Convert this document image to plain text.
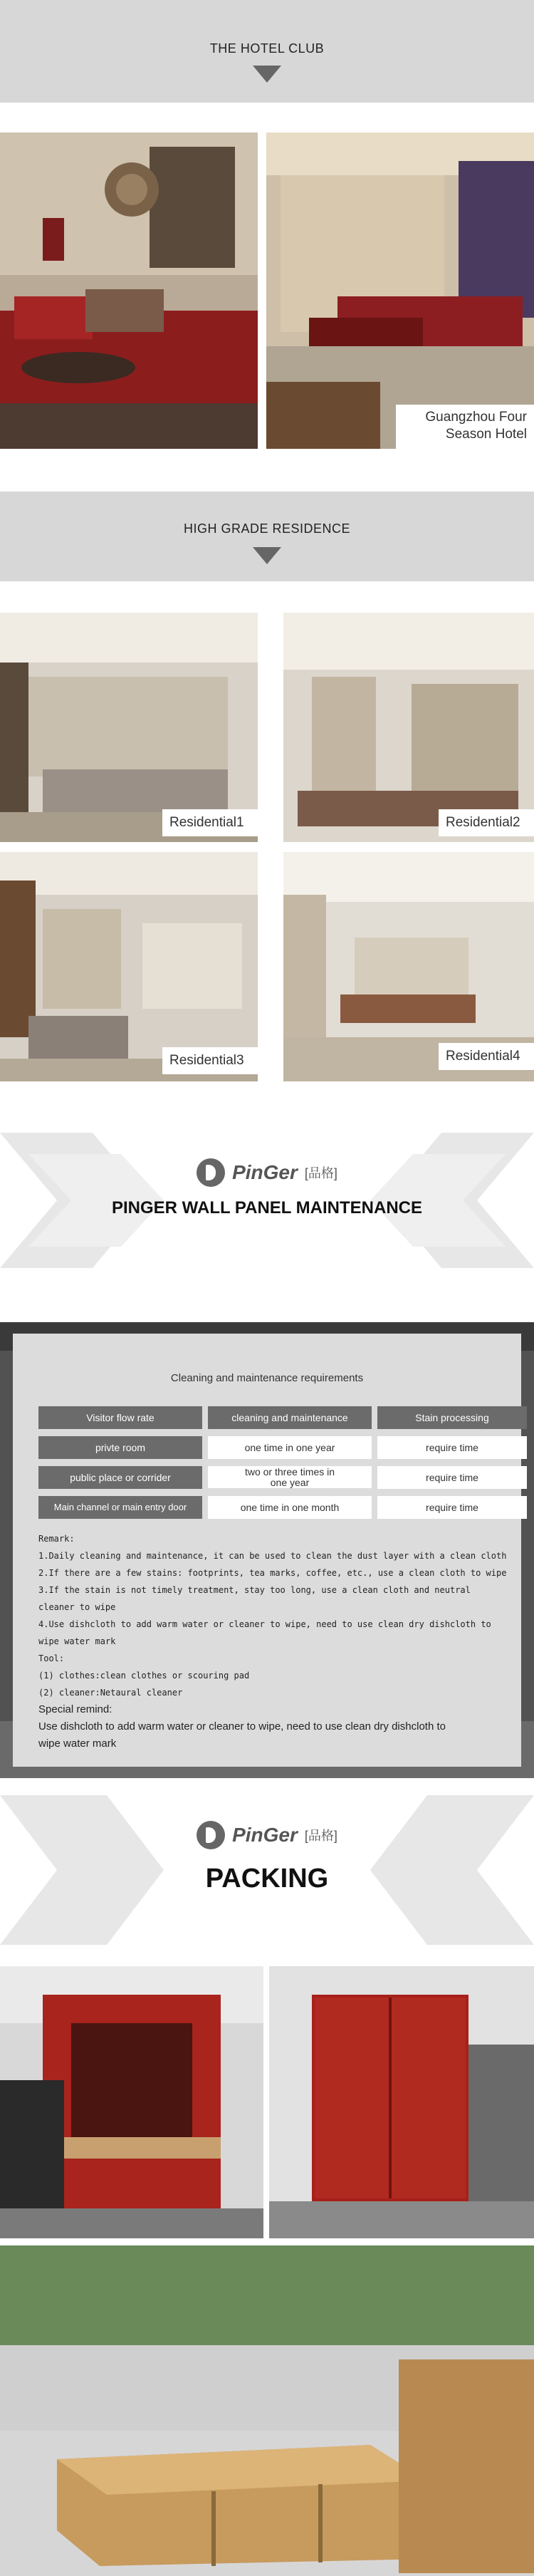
THE HOTEL CLUB
Guangzhou Four Season Hotel
HIGH GRADE RESIDENCE
Residential1	Residential2
Residential3	Residential4
PinGer [品格]
PINGER WALL PANEL MAINTENANCE
Cleaning and maintenance requirements
Visitor flow rate	cleaning and maintenance	Stain processing
privte room	one time in one year	require time
public place or corrider	two or three times in one year	require time
Main channel or main entry door	one time in one month	require time
Remark:
1.Daily cleaning and maintenance, it can be used to clean the dust layer with a clean cloth
2.If there are a few stains: footprints, tea marks, coffee, etc., use a clean cloth to wipe
3.If the stain is not timely treatment, stay too long, use a clean cloth and neutral
cleaner to wipe
4.Use dishcloth to add warm water or cleaner to wipe, need to use clean dry dishcloth to
wipe water mark
Tool:
(1) clothes:clean clothes or scouring pad
(2) cleaner:Netaural cleaner
Special remind:
Use dishcloth to add warm water or cleaner to wipe, need to use clean dry dishcloth to
wipe water mark
PinGer [品格]
PACKING
